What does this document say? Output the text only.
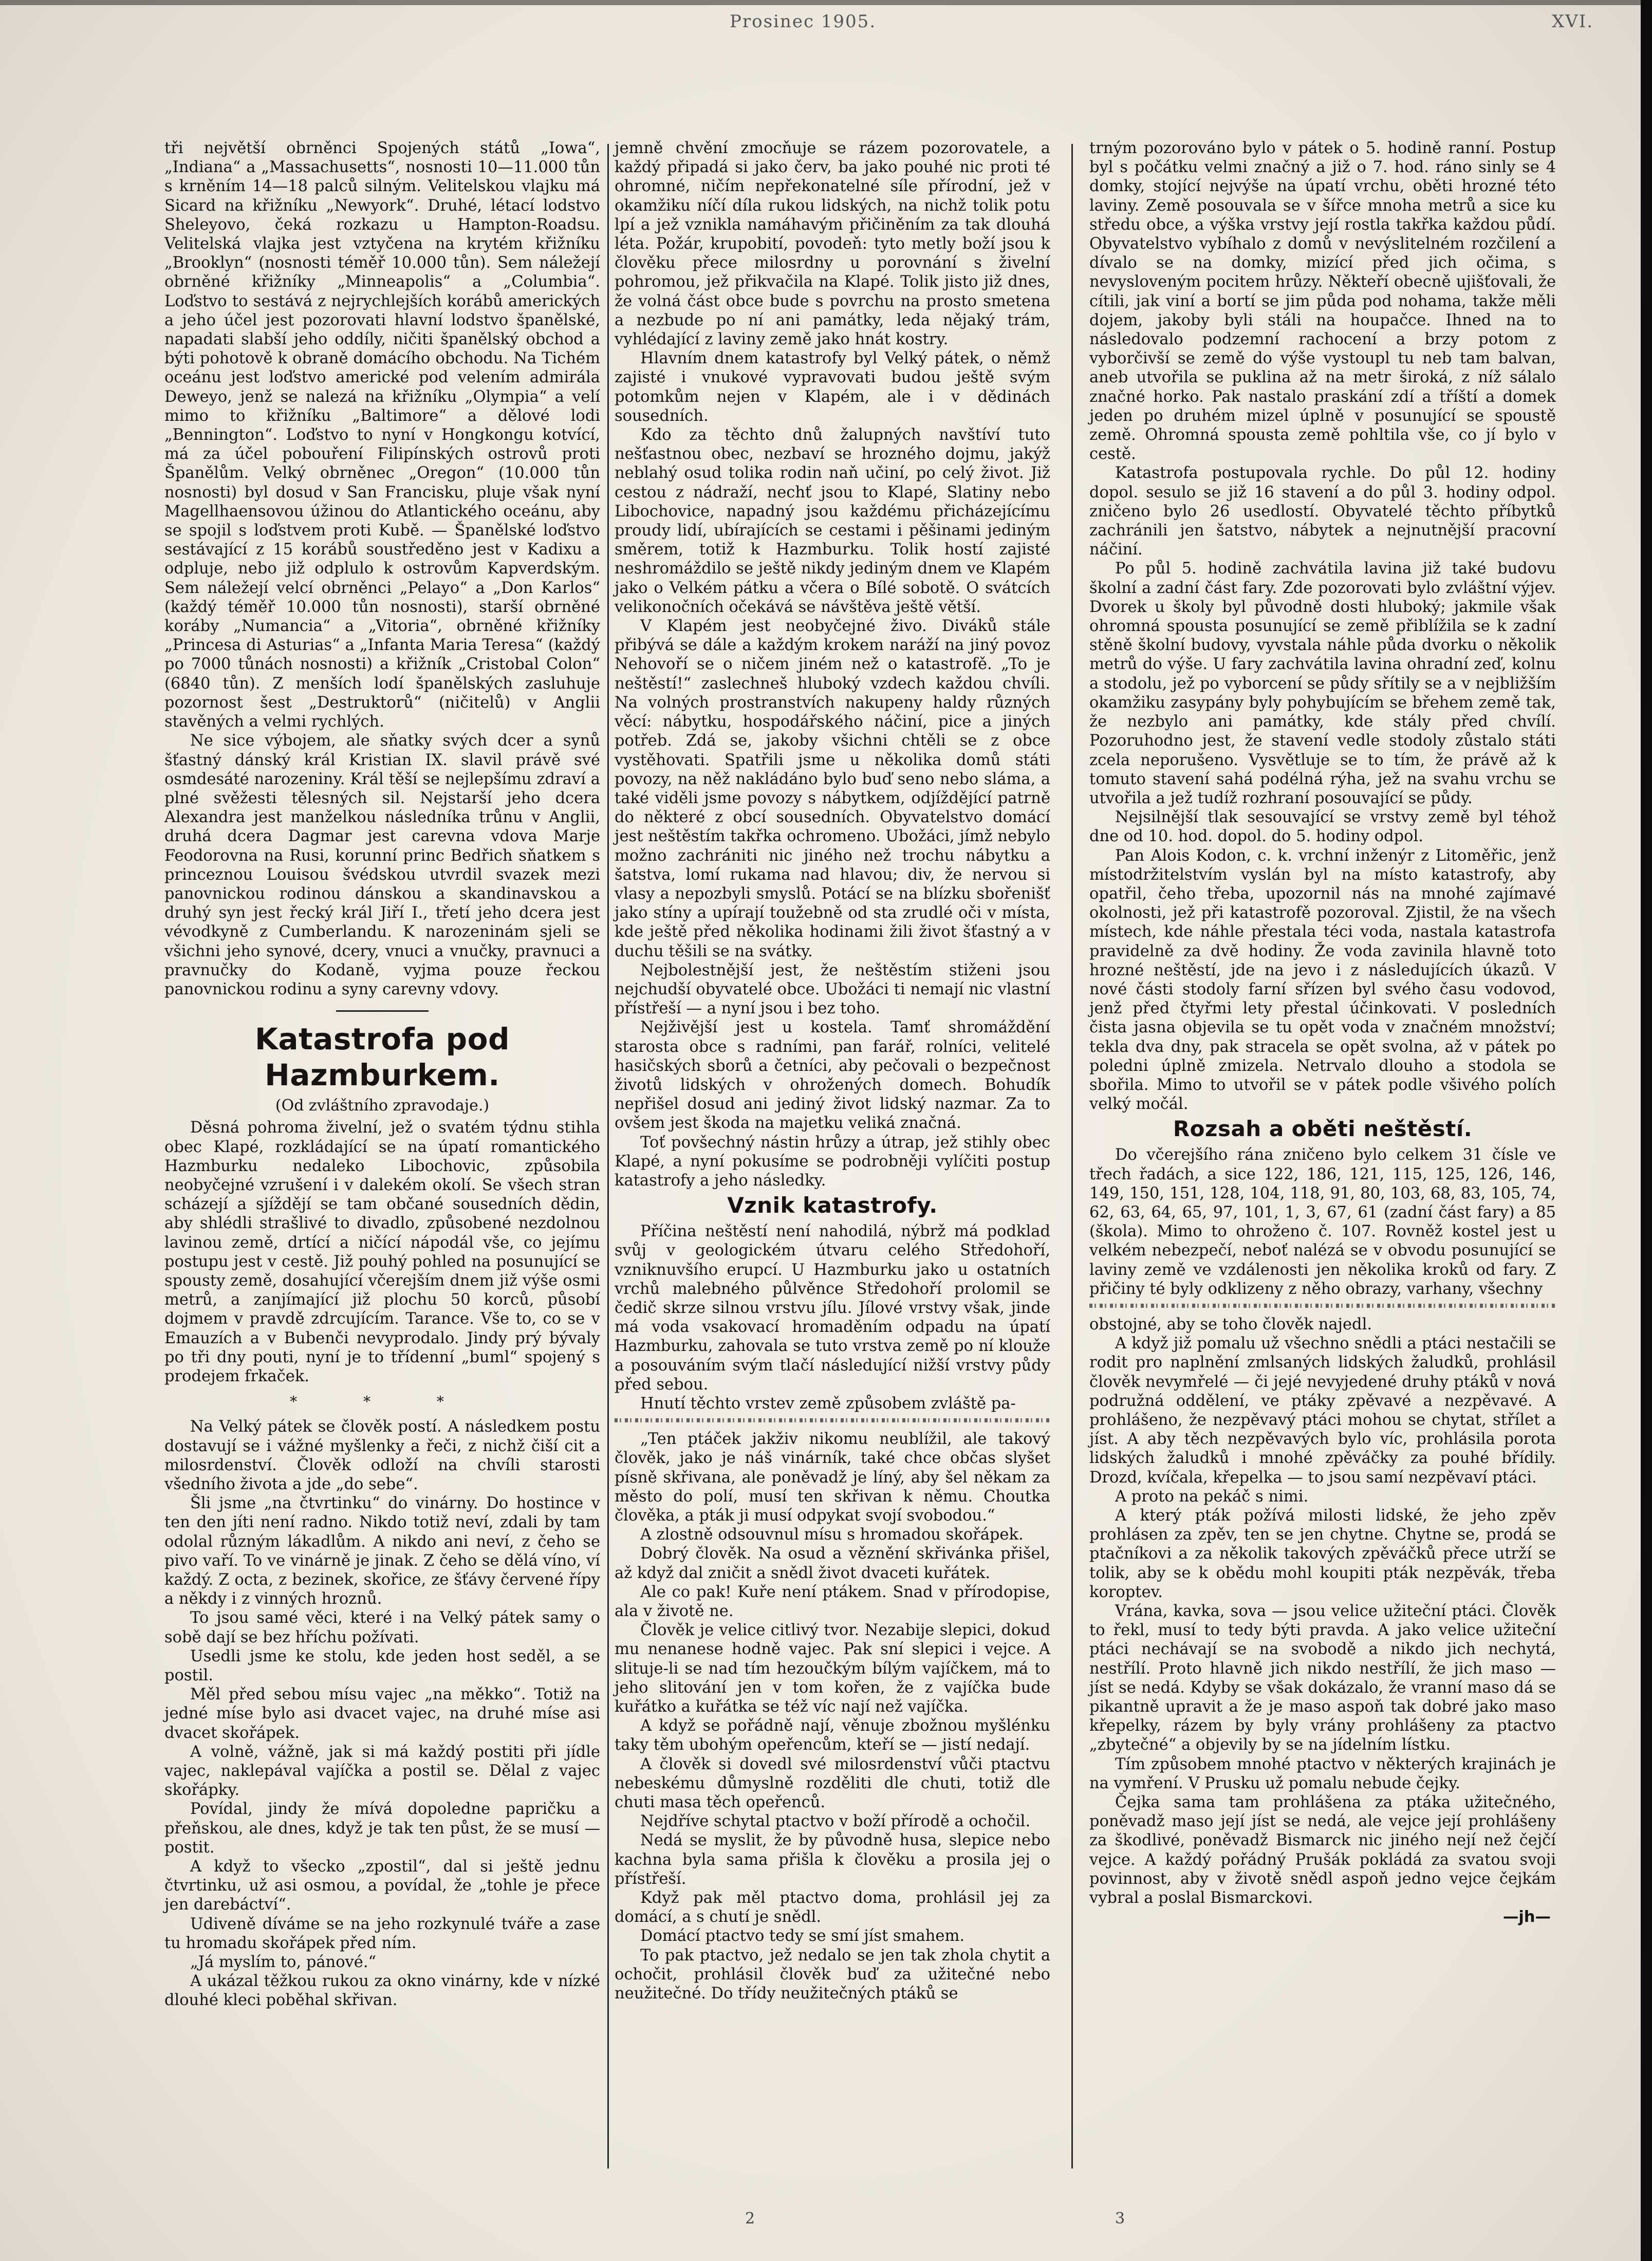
Prosinec 1905.	XVI.

tři největší obrněnci Spojených států „Iowa“, „Indiana“ a „Massachusetts“, nosnosti 10—11.000 tůn s krněním 14—18 palců silným. Velitelskou vlajku má Sicard na křižníku „Newyork“. Druhé, létací lodstvo Sheleyovo, čeká rozkazu u Hampton-Roadsu. Velitelská vlajka jest vztyčena na krytém křižníku „Brooklyn“ (nosnosti téměř 10.000 tůn). Sem náležejí obrněné křižníky „Minneapolis“ a „Columbia“. Loďstvo to sestává z nejrychlejších korábů amerických a jeho účel jest pozorovati hlavní lodstvo španělské, napadati slabší jeho oddíly, ničiti španělský obchod a býti pohotově k obraně domácího obchodu. Na Tichém oceánu jest loďstvo americké pod velením admirála Deweyo, jenž se nalezá na křižníku „Olympia“ a velí mimo to křižníku „Baltimore“ a dělové lodi „Bennington“. Loďstvo to nyní v Hongkongu kotvící, má za účel pobouření Filipínských ostrovů proti Španělům. Velký obrněnec „Oregon“ (10.000 tůn nosnosti) byl dosud v San Francisku, pluje však nyní Magellhaensovou úžinou do Atlantického oceánu, aby se spojil s loďstvem proti Kubě. — Španělské loďstvo sestávající z 15 korábů soustředěno jest v Kadixu a odpluje, nebo již odplulo k ostrovům Kapverdským. Sem náležejí velcí obrněnci „Pelayo“ a „Don Karlos“ (každý téměř 10.000 tůn nosnosti), starší obrněné koráby „Numancia“ a „Vitoria“, obrněné křižníky „Princesa di Asturias“ a „Infanta Maria Teresa“ (každý po 7000 tůnách nosnosti) a křižník „Cristobal Colon“ (6840 tůn). Z menších lodí španělských zasluhuje pozornost šest „Destruktorů“ (ničitelů) v Anglii stavěných a velmi rychlých.

Ne sice výbojem, ale sňatky svých dcer a synů šťastný dánský král Kristian IX. slavil právě své osmdesáté narozeniny. Král těší se nejlepšímu zdraví a plné svěžesti tělesných sil. Nejstarší jeho dcera Alexandra jest manželkou následníka trůnu v Anglii, druhá dcera Dagmar jest carevna vdova Marje Feodorovna na Rusi, korunní princ Bedřich sňatkem s princeznou Louisou švédskou utvrdil svazek mezi panovnickou rodinou dánskou a skandinavskou a druhý syn jest řecký král Jiří I., třetí jeho dcera jest vévodkyně z Cumberlandu. K narozeninám sjeli se všichni jeho synové, dcery, vnuci a vnučky, pravnuci a pravnučky do Kodaně, vyjma pouze řeckou panovnickou rodinu a syny carevny vdovy.

Katastrofa pod Hazmburkem.
(Od zvláštního zpravodaje.)

Děsná pohroma živelní, jež o svatém týdnu stihla obec Klapé, rozkládající se na úpatí romantického Hazmburku nedaleko Libochovic, způsobila neobyčejné vzrušení i v dalekém okolí. Se všech stran scházejí a sjíždějí se tam občané sousedních dědin, aby shlédli strašlivé to divadlo, způsobené nezdolnou lavinou země, drtící a ničící nápodál vše, co jejímu postupu jest v cestě. Již pouhý pohled na posunující se spousty země, dosahující včerejším dnem již výše osmi metrů, a zanjímající již plochu 50 korců, působí dojmem v pravdě zdrcujícím. Tarance. Vše to, co se v Emauzích a v Bubenči nevyprodalo. Jindy prý bývaly po tři dny pouti, nyní je to třídenní „buml“ spojený s prodejem frkaček.

* * *

Na Velký pátek se člověk postí. A následkem postu dostavují se i vážné myšlenky a řeči, z nichž čiší cit a milosrdenství. Člověk odloží na chvíli starosti všedního života a jde „do sebe“.

Šli jsme „na čtvrtinku“ do vinárny. Do hostince v ten den jíti není radno. Nikdo totiž neví, zdali by tam odolal různým lákadlům. A nikdo ani neví, z čeho se pivo vaří. To ve vinárně je jinak. Z čeho se dělá víno, ví každý. Z octa, z bezinek, skořice, ze šťávy červené řípy a někdy i z vinných hroznů.

To jsou samé věci, které i na Velký pátek samy o sobě dají se bez hříchu požívati.

Usedli jsme ke stolu, kde jeden host seděl, a se postil.

Měl před sebou mísu vajec „na měkko“. Totiž na jedné míse bylo asi dvacet vajec, na druhé míse asi dvacet skořápek.

A volně, vážně, jak si má každý postiti při jídle vajec, naklepával vajíčka a postil se. Dělal z vajec skořápky.

Povídal, jindy že mívá dopoledne papričku a přeňskou, ale dnes, když je tak ten půst, že se musí — postit.

A když to všecko „zpostil“, dal si ještě jednu čtvrtinku, už asi osmou, a povídal, že „tohle je přece jen darebáctví“.

Udiveně díváme se na jeho rozkynulé tváře a zase tu hromadu skořápek před ním.

„Já myslím to, pánové.“

A ukázal těžkou rukou za okno vinárny, kde v nízké dlouhé kleci poběhal skřivan.

jemně chvění zmocňuje se rázem pozorovatele, a každý připadá si jako červ, ba jako pouhé nic proti té ohromné, ničím nepřekonatelné síle přírodní, jež v okamžiku níčí díla rukou lidských, na nichž tolik potu lpí a jež vznikla namáhavým přičiněním za tak dlouhá léta. Požár, krupobití, povodeň: tyto metly boží jsou k člověku přece milosrdny u porovnání s živelní pohromou, jež přikvačila na Klapé. Tolik jisto již dnes, že volná část obce bude s povrchu na prosto smetena a nezbude po ní ani památky, leda nějaký trám, vyhlédající z laviny země jako hnát kostry.

Hlavním dnem katastrofy byl Velký pátek, o němž zajisté i vnukové vypravovati budou ještě svým potomkům nejen v Klapém, ale i v dědinách sousedních.

Kdo za těchto dnů žalupných navštíví tuto nešťastnou obec, nezbaví se hrozného dojmu, jakýž neblahý osud tolika rodin naň učiní, po celý život. Již cestou z nádraží, nechť jsou to Klapé, Slatiny nebo Libochovice, napadný jsou každému přicházejícímu proudy lidí, ubírajících se cestami i pěšinami jediným směrem, totiž k Hazmburku. Tolik hostí zajisté neshromáždilo se ještě nikdy jediným dnem ve Klapém jako o Velkém pátku a včera o Bílé sobotě. O svátcích velikonočních očekává se návštěva ještě větší.

V Klapém jest neobyčejné živo. Diváků stále přibývá se dále a každým krokem naráží na jiný povoz Nehovoří se o ničem jiném než o katastrofě. „To je neštěstí!“ zaslechneš hluboký vzdech každou chvíli. Na volných prostranstvích nakupeny haldy různých věcí: nábytku, hospodářského náčiní, pice a jiných potřeb. Zdá se, jakoby všichni chtěli se z obce vystěhovati. Spatřili jsme u několika domů státi povozy, na něž nakládáno bylo buď seno nebo sláma, a také viděli jsme povozy s nábytkem, odjíždějící patrně do některé z obcí sousedních. Obyvatelstvo domácí jest neštěstím takřka ochromeno. Ubožáci, jímž nebylo možno zachrániti nic jiného než trochu nábytku a šatstva, lomí rukama nad hlavou; div, že nervou si vlasy a nepozbyli smyslů. Potácí se na blízku sbořenišť jako stíny a upírají toužebně od sta zrudlé oči v místa, kde ještě před několika hodinami žili život šťastný a v duchu těšili se na svátky.

Nejbolestnější jest, že neštěstím stiženi jsou nejchudší obyvatelé obce. Ubožáci ti nemají nic vlastní přístřeší — a nyní jsou i bez toho.

Nejživější jest u kostela. Tamť shromáždění starosta obce s radními, pan farář, rolníci, velitelé hasičských sborů a četníci, aby pečovali o bezpečnost životů lidských v ohrožených domech. Bohudík nepřišel dosud ani jediný život lidský nazmar. Za to ovšem jest škoda na majetku veliká značná.

Toť povšechný nástin hrůzy a útrap, jež stihly obec Klapé, a nyní pokusíme se podrobněji vylíčiti postup katastrofy a jeho následky.

Vznik katastrofy.

Příčina neštěstí není nahodilá, nýbrž má podklad svůj v geologickém útvaru celého Středohoří, vzniknuvšího erupcí. U Hazmburku jako u ostatních vrchů malebného půlvěnce Středohoří prolomil se čedič skrze silnou vrstvu jílu. Jílové vrstvy však, jinde má voda vsakovací hromaděním odpadu na úpatí Hazmburku, zahovala se tuto vrstva země po ní klouže a posouváním svým tlačí následující nižší vrstvy půdy před sebou.

Hnutí těchto vrstev země způsobem zvláště pa-

„Ten ptáček jakživ nikomu neublížil, ale takový člověk, jako je náš vinárník, také chce občas slyšet písně skřivana, ale poněvadž je líný, aby šel někam za město do polí, musí ten skřivan k němu. Choutka člověka, a pták ji musí odpykat svojí svobodou.“

A zlostně odsouvnul mísu s hromadou skořápek.

Dobrý člověk. Na osud a věznění skřivánka přišel, až když dal zničit a snědl život dvaceti kuřátek.

Ale co pak! Kuře není ptákem. Snad v přírodopise, ala v životě ne.

Člověk je velice citlivý tvor. Nezabije slepici, dokud mu nenanese hodně vajec. Pak sní slepici i vejce. A slituje-li se nad tím hezoučkým bílým vajíčkem, má to jeho slitování jen v tom kořen, že z vajíčka bude kuřátko a kuřátka se též víc nají než vajíčka.

A když se pořádně nají, věnuje zbožnou myšlénku taky těm ubohým opeřencům, kteří se — jistí nedají.

A člověk si dovedl své milosrdenství vůči ptactvu nebeskému důmyslně rozděliti dle chuti, totiž dle chuti masa těch opeřenců.

Nejdříve schytal ptactvo v boží přírodě a ochočil.

Nedá se myslit, že by původně husa, slepice nebo kachna byla sama přišla k člověku a prosila jej o přístřeší.

Když pak měl ptactvo doma, prohlásil jej za domácí, a s chutí je snědl.

Domácí ptactvo tedy se smí jíst smahem.

To pak ptactvo, jež nedalo se jen tak zhola chytit a ochočit, prohlásil člověk buď za užitečné nebo neužitečné. Do třídy neužitečných ptáků se

trným pozorováno bylo v pátek o 5. hodině ranní. Postup byl s počátku velmi značný a již o 7. hod. ráno sinly se 4 domky, stojící nejvýše na úpatí vrchu, oběti hrozné této laviny. Země posouvala se v šířce mnoha metrů a sice ku středu obce, a výška vrstvy její rostla takřka každou půdí. Obyvatelstvo vybíhalo z domů v nevýslitelném rozčilení a dívalo se na domky, mizící před jich očima, s nevysloveným pocitem hrůzy. Někteří obecně ujišťovali, že cítili, jak viní a bortí se jim půda pod nohama, takže měli dojem, jakoby byli stáli na houpačce. Ihned na to následovalo podzemní rachocení a brzy potom z vyborčivší se země do výše vystoupl tu neb tam balvan, aneb utvořila se puklina až na metr široká, z níž sálalo značné horko. Pak nastalo praskání zdí a tříští a domek jeden po druhém mizel úplně v posunující se spoustě země. Ohromná spousta země pohltila vše, co jí bylo v cestě.

Katastrofa postupovala rychle. Do půl 12. hodiny dopol. sesulo se již 16 stavení a do půl 3. hodiny odpol. zničeno bylo 26 usedlostí. Obyvatelé těchto příbytků zachránili jen šatstvo, nábytek a nejnutnější pracovní náčiní.

Po půl 5. hodině zachvátila lavina již také budovu školní a zadní část fary. Zde pozorovati bylo zvláštní výjev. Dvorek u školy byl původně dosti hluboký; jakmile však ohromná spousta posunující se země přiblížila se k zadní stěně školní budovy, vyvstala náhle půda dvorku o několik metrů do výše. U fary zachvátila lavina ohradní zeď, kolnu a stodolu, jež po vyborcení se půdy sřítily se a v nejbližším okamžiku zasypány byly pohybujícím se břehem země tak, že nezbylo ani památky, kde stály před chvílí. Pozoruhodno jest, že stavení vedle stodoly zůstalo státi zcela neporušeno. Vysvětluje se to tím, že právě až k tomuto stavení sahá podélná rýha, jež na svahu vrchu se utvořila a jež tudíž rozhraní posouvající se půdy.

Nejsilnější tlak sesouvající se vrstvy země byl téhož dne od 10. hod. dopol. do 5. hodiny odpol.

Pan Alois Kodon, c. k. vrchní inženýr z Litoměřic, jenž místodržitelstvím vyslán byl na místo katastrofy, aby opatřil, čeho třeba, upozornil nás na mnohé zajímavé okolnosti, jež při katastrofě pozoroval. Zjistil, že na všech místech, kde náhle přestala téci voda, nastala katastrofa pravidelně za dvě hodiny. Že voda zavinila hlavně toto hrozné neštěstí, jde na jevo i z následujících úkazů. V nové části stodoly farní sřízen byl svého času vodovod, jenž před čtyřmi lety přestal účinkovati. V posledních čista jasna objevila se tu opět voda v značném množství; tekla dva dny, pak stracela se opět svolna, až v pátek po poledni úplně zmizela. Netrvalo dlouho a stodola se sbořila. Mimo to utvořil se v pátek podle všivého polích velký močál.

Rozsah a oběti neštěstí.

Do včerejšího rána zničeno bylo celkem 31 čísle ve třech řadách, a sice 122, 186, 121, 115, 125, 126, 146, 149, 150, 151, 128, 104, 118, 91, 80, 103, 68, 83, 105, 74, 62, 63, 64, 65, 97, 101, 1, 3, 67, 61 (zadní část fary) a 85 (škola). Mimo to ohroženo č. 107. Rovněž kostel jest u velkém nebezpečí, neboť nalézá se v obvodu posunující se laviny země ve vzdálenosti jen několika kroků od fary. Z přičiny té byly odklizeny z něho obrazy, varhany, všechny

obstojné, aby se toho člověk najedl.

A když již pomalu už všechno snědli a ptáci nestačili se rodit pro naplnění zmlsaných lidských žaludků, prohlásil člověk nevymřelé — či jejé nevyjedené druhy ptáků v nová podružná oddělení, ve ptáky zpěvavé a nezpěvavé. A prohlášeno, že nezpěvavý ptáci mohou se chytat, střílet a jíst. A aby těch nezpěvavých bylo víc, prohlásila porota lidských žaludků i mnohé zpěváčky za pouhé břídily. Drozd, kvíčala, křepelka — to jsou samí nezpěvaví ptáci.

A proto na pekáč s nimi.

A který pták požívá milosti lidské, že jeho zpěv prohlásen za zpěv, ten se jen chytne. Chytne se, prodá se ptačníkovi a za několik takových zpěváčků přece utrží se tolik, aby se k obědu mohl koupiti pták nezpěvák, třeba koroptev.

Vrána, kavka, sova — jsou velice užiteční ptáci. Člověk to řekl, musí to tedy býti pravda. A jako velice užiteční ptáci nechávají se na svobodě a nikdo jich nechytá, nestřílí. Proto hlavně jich nikdo nestřílí, že jich maso — jíst se nedá. Kdyby se však dokázalo, že vranní maso dá se pikantně upravit a že je maso aspoň tak dobré jako maso křepelky, rázem by byly vrány prohlášeny za ptactvo „zbytečné“ a objevily by se na jídelním lístku.

Tím způsobem mnohé ptactvo v některých krajinách je na vymření. V Prusku už pomalu nebude čejky.

Čejka sama tam prohlášena za ptáka užitečného, poněvadž maso její jíst se nedá, ale vejce její prohlášeny za škodlivé, poněvadž Bismarck nic jiného nejí než čejčí vejce. A každý pořádný Prušák pokládá za svatou svoji povinnost, aby v životě snědl aspoň jedno vejce čejkám vybral a poslal Bismarckovi.

—jh—
2	3
